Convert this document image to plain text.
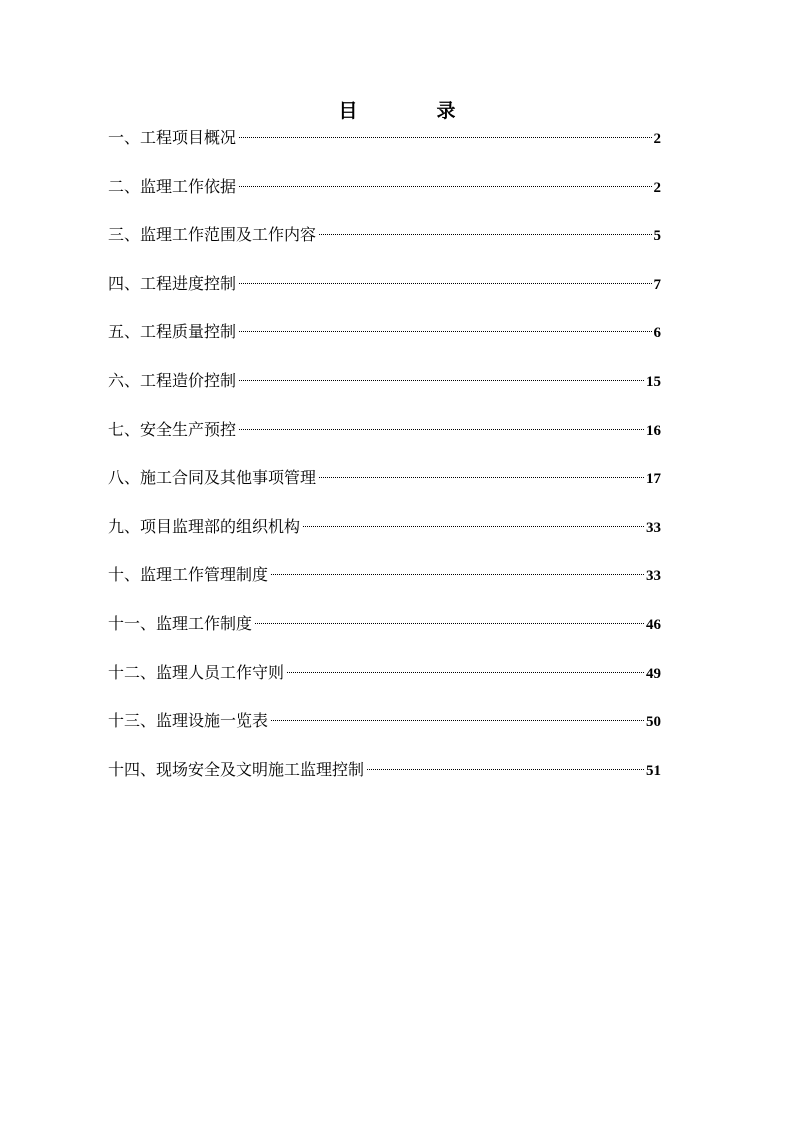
目　录
一、工程项目概况	2
二、监理工作依据	2
三、监理工作范围及工作内容	5
四、工程进度控制	7
五、工程质量控制	6
六、工程造价控制	15
七、安全生产预控	16
八、施工合同及其他事项管理	17
九、项目监理部的组织机构	33
十、监理工作管理制度	33
十一、监理工作制度	46
十二、监理人员工作守则	49
十三、监理设施一览表	50
十四、现场安全及文明施工监理控制	51
